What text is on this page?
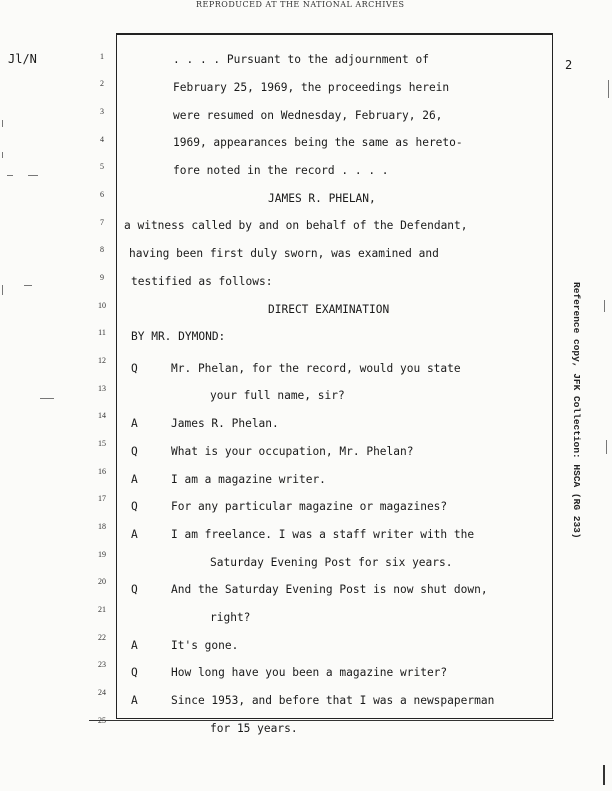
REPRODUCED AT THE NATIONAL ARCHIVES
Jl/N	2
1
2
3
4
5
6
7
8
9
10
11
12
13
14
15
16
17
18
19
20
21
22
23
24
25
Q
A
Q
A
Q
A
Q
A
Q
A
. . . . Pursuant to the adjournment of
February 25, 1969, the proceedings herein
were resumed on Wednesday, February, 26,
1969, appearances being the same as hereto-
fore noted in the record . . . .
JAMES R. PHELAN,
a witness called by and on behalf of the Defendant,
having been first duly sworn, was examined and
testified as follows:
DIRECT EXAMINATION
BY MR. DYMOND:
Mr. Phelan, for the record, would you state
your full name, sir?
James R. Phelan.
What is your occupation, Mr. Phelan?
I am a magazine writer.
For any particular magazine or magazines?
I am freelance. I was a staff writer with the
Saturday Evening Post for six years.
And the Saturday Evening Post is now shut down,
right?
It's gone.
How long have you been a magazine writer?
Since 1953, and before that I was a newspaperman
for 15 years.
Reference copy, JFK Collection: HSCA (RG 233)
